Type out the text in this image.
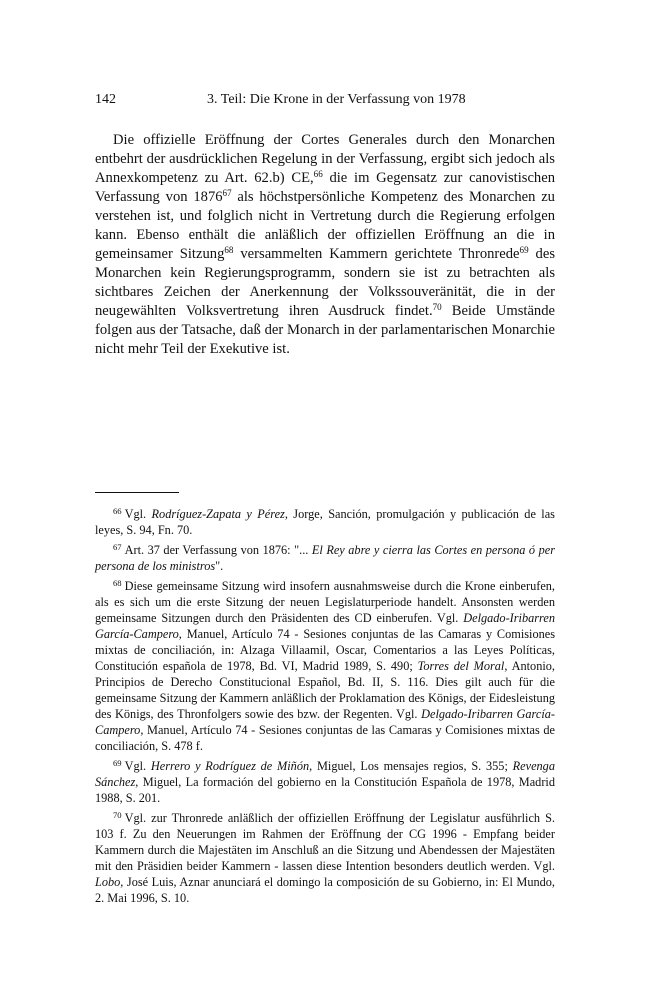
142	3. Teil: Die Krone in der Verfassung von 1978

Die offizielle Eröffnung der Cortes Generales durch den Monarchen entbehrt der ausdrücklichen Regelung in der Verfassung, ergibt sich jedoch als Annexkompetenz zu Art. 62.b) CE,$^{66}$ die im Gegensatz zur canovistischen Verfassung von 1876$^{67}$ als höchstpersönliche Kompetenz des Monarchen zu verstehen ist, und folglich nicht in Vertretung durch die Regierung erfolgen kann. Ebenso enthält die anläßlich der offiziellen Eröffnung an die in gemeinsamer Sitzung$^{68}$ versammelten Kammern gerichtete Thronrede$^{69}$ des Monarchen kein Regierungsprogramm, sondern sie ist zu betrachten als sichtbares Zeichen der Anerkennung der Volkssouveränität, die in der neugewählten Volksvertretung ihren Ausdruck findet.$^{70}$ Beide Umstände folgen aus der Tatsache, daß der Monarch in der parlamentarischen Monarchie nicht mehr Teil der Exekutive ist.

$^{66}$ Vgl. Rodríguez-Zapata y Pérez, Jorge, Sanción, promulgación y publicación de las leyes, S. 94, Fn. 70.

$^{67}$ Art. 37 der Verfassung von 1876: "... El Rey abre y cierra las Cortes en persona ó per persona de los ministros".

$^{68}$ Diese gemeinsame Sitzung wird insofern ausnahmsweise durch die Krone einberufen, als es sich um die erste Sitzung der neuen Legislaturperiode handelt. Ansonsten werden gemeinsame Sitzungen durch den Präsidenten des CD einberufen. Vgl. Delgado-Iribarren García-Campero, Manuel, Artículo 74 - Sesiones conjuntas de las Camaras y Comisiones mixtas de conciliación, in: Alzaga Villaamil, Oscar, Comentarios a las Leyes Políticas, Constitución española de 1978, Bd. VI, Madrid 1989, S. 490; Torres del Moral, Antonio, Principios de Derecho Constitucional Español, Bd. II, S. 116. Dies gilt auch für die gemeinsame Sitzung der Kammern anläßlich der Proklamation des Königs, der Eidesleistung des Königs, des Thronfolgers sowie des bzw. der Regenten. Vgl. Delgado-Iribarren García-Campero, Manuel, Artículo 74 - Sesiones conjuntas de las Camaras y Comisiones mixtas de conciliación, S. 478 f.

$^{69}$ Vgl. Herrero y Rodríguez de Miñón, Miguel, Los mensajes regios, S. 355; Revenga Sánchez, Miguel, La formación del gobierno en la Constitución Española de 1978, Madrid 1988, S. 201.

$^{70}$ Vgl. zur Thronrede anläßlich der offiziellen Eröffnung der Legislatur ausführlich S. 103 f. Zu den Neuerungen im Rahmen der Eröffnung der CG 1996 - Empfang beider Kammern durch die Majestäten im Anschluß an die Sitzung und Abendessen der Majestäten mit den Präsidien beider Kammern - lassen diese Intention besonders deutlich werden. Vgl. Lobo, José Luis, Aznar anunciará el domingo la composición de su Gobierno, in: El Mundo, 2. Mai 1996, S. 10.
